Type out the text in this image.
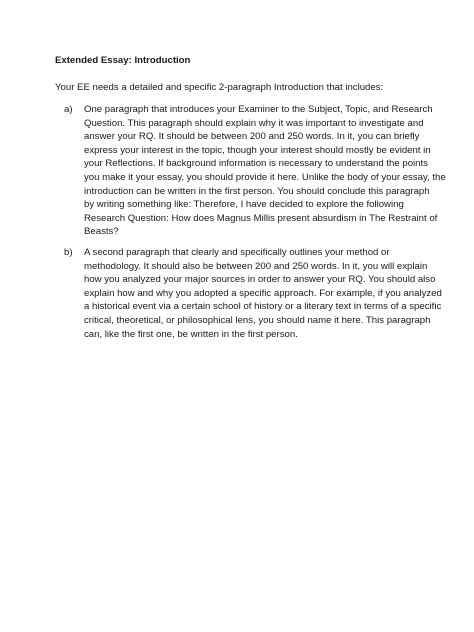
Extended Essay: Introduction
Your EE needs a detailed and specific 2-paragraph Introduction that includes:
a)	One paragraph that introduces your Examiner to the Subject, Topic, and Research
Question. This paragraph should explain why it was important to investigate and
answer your RQ. It should be between 200 and 250 words. In it, you can briefly
express your interest in the topic, though your interest should mostly be evident in
your Reflections. If background information is necessary to understand the points
you make it your essay, you should provide it here. Unlike the body of your essay, the
introduction can be written in the first person. You should conclude this paragraph
by writing something like: Therefore, I have decided to explore the following
Research Question: How does Magnus Millis present absurdism in The Restraint of
Beasts?
b)	A second paragraph that clearly and specifically outlines your method or
methodology. It should also be between 200 and 250 words. In it, you will explain
how you analyzed your major sources in order to answer your RQ. You should also
explain how and why you adopted a specific approach. For example, if you analyzed
a historical event via a certain school of history or a literary text in terms of a specific
critical, theoretical, or philosophical lens, you should name it here. This paragraph
can, like the first one, be written in the first person.
